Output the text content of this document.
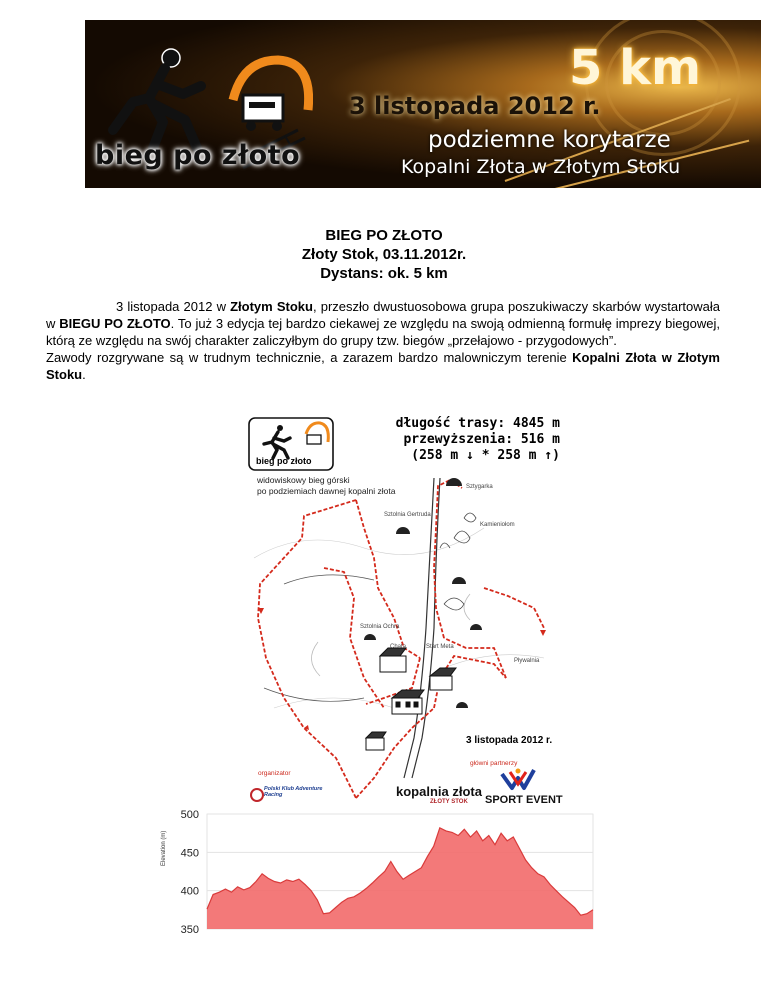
bieg po złoto
5 km
3 listopada 2012 r.
podziemne korytarze
Kopalni Złota w Złotym Stoku
BIEG PO ZŁOTO
Złoty Stok, 03.11.2012r.
Dystans: ok. 5 km

3 listopada 2012 w Złotym Stoku, przeszło dwustuosobowa grupa poszukiwaczy skarbów wystartowała w BIEGU PO ZŁOTO. To już 3 edycja tej bardzo ciekawej ze względu na swoją odmienną formułę imprezy biegowej, którą ze względu na swój charakter zaliczyłbym do grupy tzw. biegów „przełajowo - przygodowych”.

Zawody rozgrywane są w trudnym technicznie, a zarazem bardzo malowniczym terenie Kopalni Złota w Złotym Stoku.

długość trasy: 4845 m
przewyższenia: 516 m
(258 m ↓ * 258 m ↑)
bieg po złoto
widowiskowy bieg górski
po podziemiach dawnej kopalni złota	Sztygarka
Kamieniołom
Sztolnia Gertruda
Chata
Sztolnia Ochra
Pływalnia
Start Meta
3 listopada 2012 r.
główni partnerzy
organizator
Polski Klub Adventure Racing	kopalnia złota
ZŁOTY STOK SPORT EVENT
500
450
400
350
Elevation (m)
